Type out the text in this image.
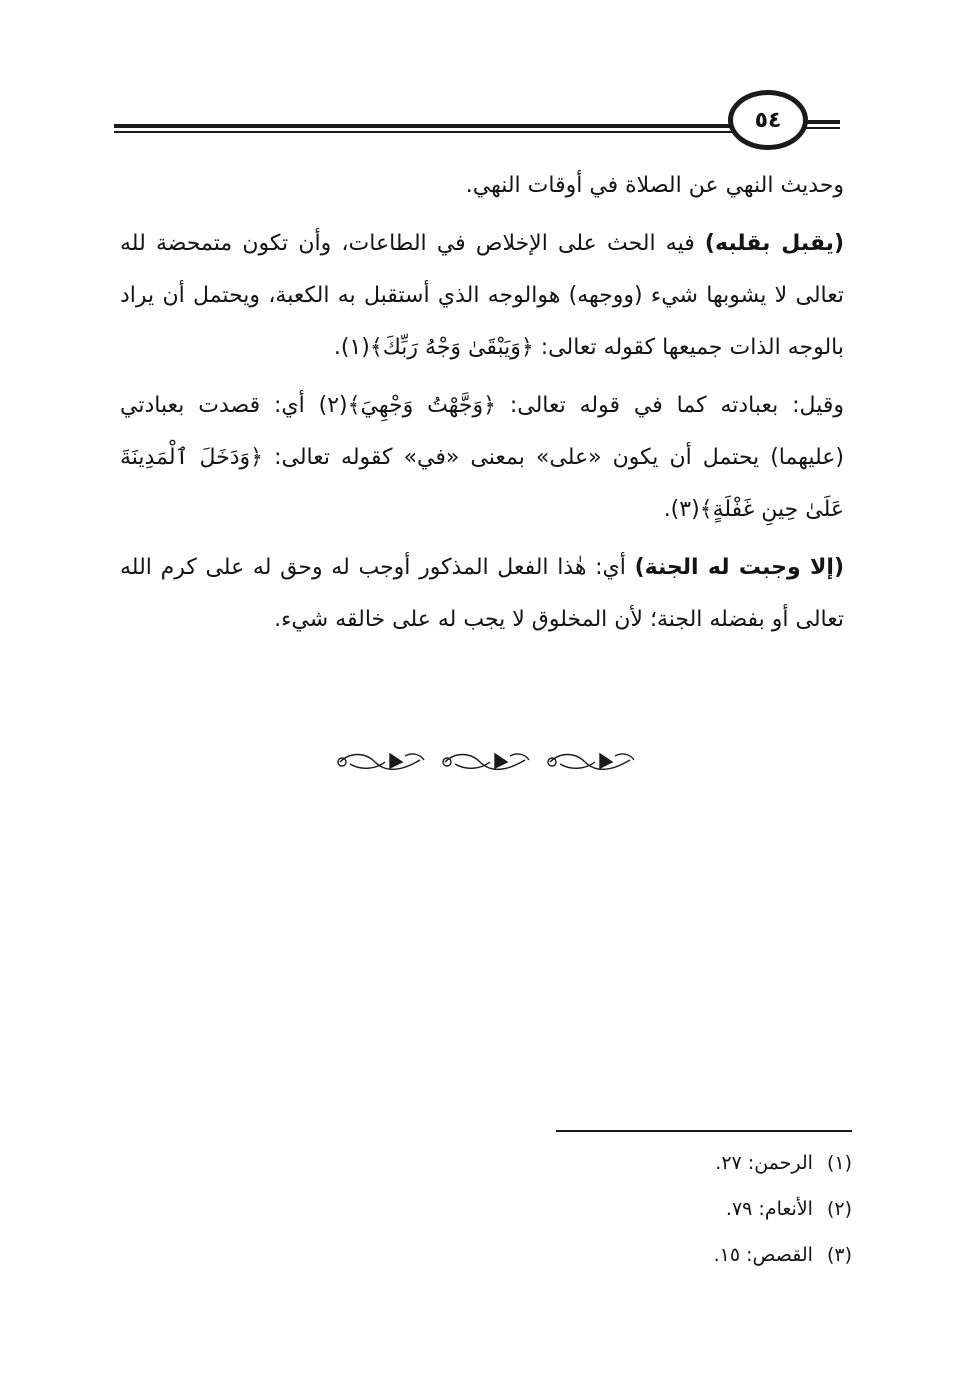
٥٤

وحديث النهي عن الصلاة في أوقات النهي.

(يقبل بقلبه) فيه الحث على الإخلاص في الطاعات، وأن تكون متمحضة لله تعالى لا يشوبها شيء (ووجهه) هوالوجه الذي أستقبل به الكعبة، ويحتمل أن يراد بالوجه الذات جميعها كقوله تعالى: ﴿وَيَبْقَىٰ وَجْهُ رَبِّكَ﴾(١).

وقيل: بعبادته كما في قوله تعالى: ﴿وَجَّهْتُ وَجْهِيَ﴾(٢) أي: قصدت بعبادتي (عليهما) يحتمل أن يكون «على» بمعنى «في» كقوله تعالى: ﴿وَدَخَلَ ٱلْمَدِينَةَ عَلَىٰ حِينِ غَفْلَةٍ﴾(٣).

(إلا وجبت له الجنة) أي: هٰذا الفعل المذكور أوجب له وحق له على كرم الله تعالى أو بفضله الجنة؛ لأن المخلوق لا يجب له على خالقه شيء.

(١)الرحمن: ٢٧.
(٢)الأنعام: ٧٩.
(٣)القصص: ١٥.
